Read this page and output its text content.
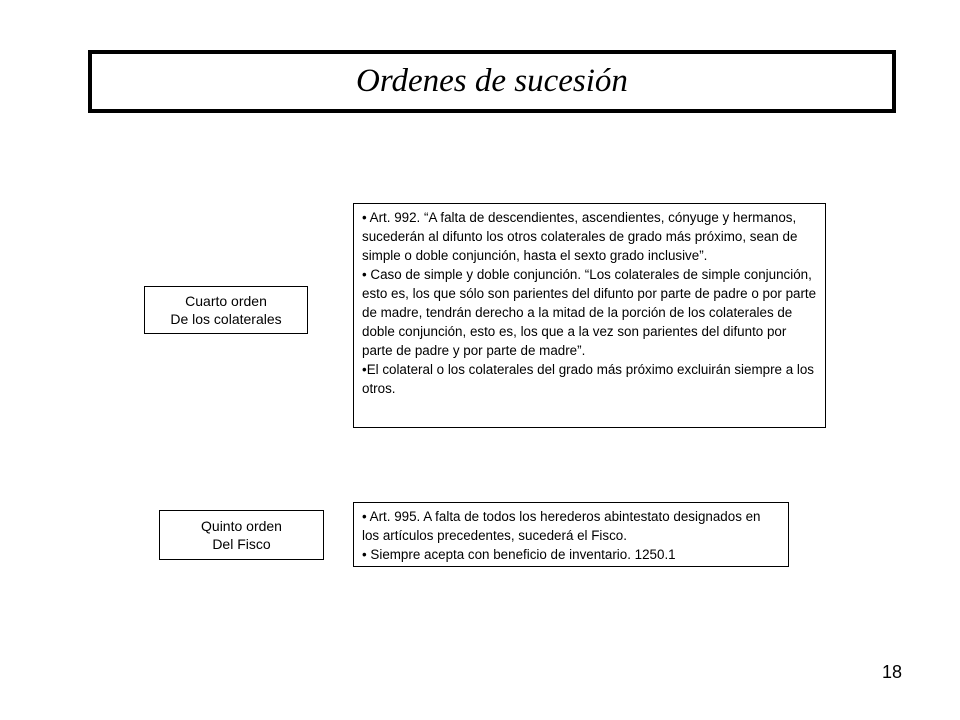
Ordenes de sucesión
Cuarto orden
De los colaterales

• Art. 992. “A falta de descendientes, ascendientes, cónyuge y hermanos, sucederán al difunto los otros colaterales de grado más próximo, sean de simple o doble conjunción, hasta el sexto grado inclusive”.

• Caso de simple y doble conjunción. “Los colaterales de simple conjunción, esto es, los que sólo son parientes del difunto por parte de padre o por parte de madre, tendrán derecho a la mitad de la porción de los colaterales de doble conjunción, esto es, los que a la vez son parientes del difunto por parte de padre y por parte de madre”.

•El colateral o los colaterales del grado más próximo excluirán siempre a los otros.

Quinto orden
Del Fisco

• Art. 995. A falta de todos los herederos abintestato designados en los artículos precedentes, sucederá el Fisco.

• Siempre acepta con beneficio de inventario. 1250.1

18
